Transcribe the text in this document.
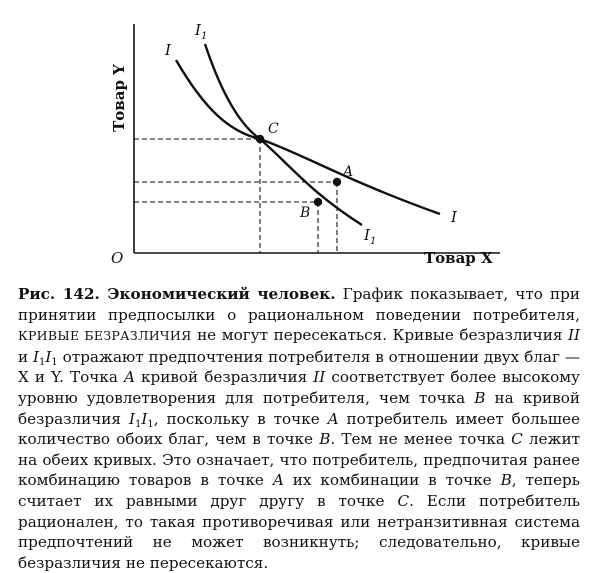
Товар Y
Товар X
O
I
I
$I_1$
$I_1$
C
A
B
Рис. 142. Экономический человек. График показывает, что при принятии предпосылки о рациональном поведении потребителя, КРИВЫЕ БЕЗРАЗЛИЧИЯ не могут пересекаться. Кривые безразличия II и $I_1I_1$ отражают предпочтения потребителя в отношении двух благ — X и Y. Точка A кривой безразличия II соответствует более высокому уровню удовлетворения для потребителя, чем точка B на кривой безразличия $I_1I_1$, поскольку в точке A потребитель имеет большее количество обоих благ, чем в точке B. Тем не менее точка C лежит на обеих кривых. Это означает, что потребитель, предпочитая ранее комбинацию товаров в точке A их комбинации в точке B, теперь считает их равными друг другу в точке C. Если потребитель рационален, то такая противоречивая или нетранзитивная система предпочтений не может возникнуть; следовательно, кривые безразличия не пересекаются.
